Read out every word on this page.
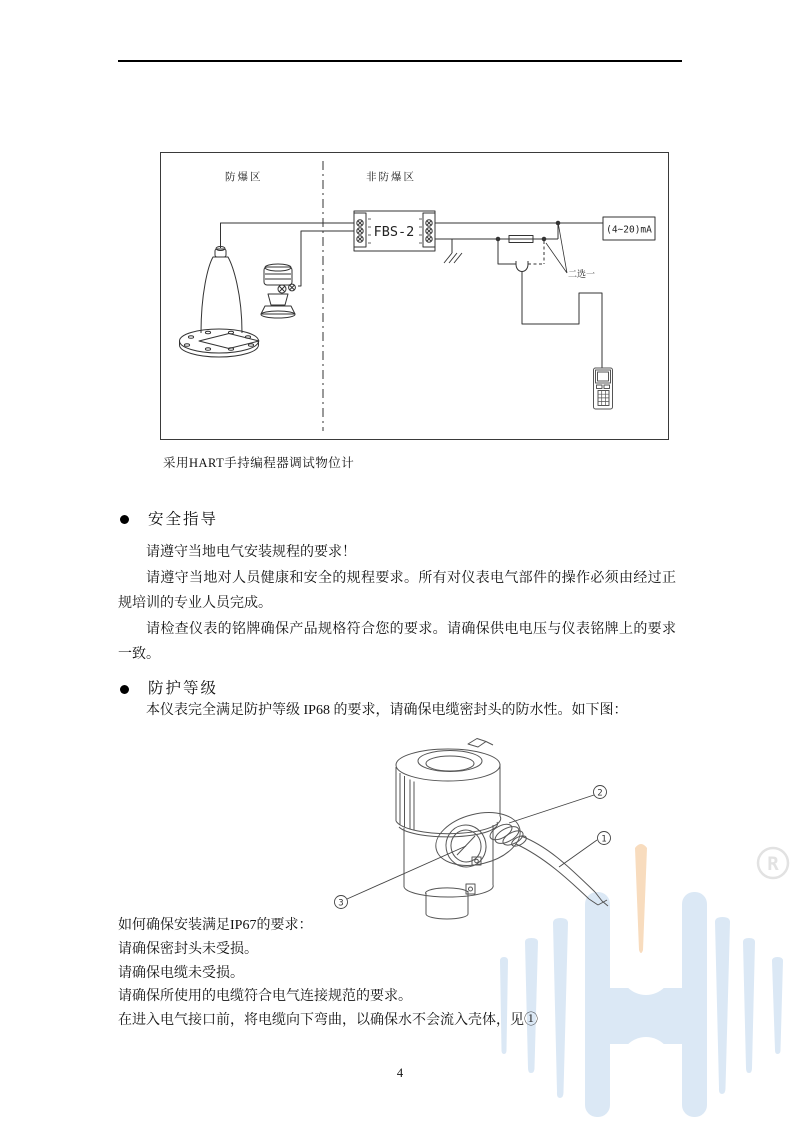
R
防爆区	非防爆区
FBS-2	(4~20)mA
二选一
采用HART手持编程器调试物位计
安全指导

请遵守当地电气安装规程的要求！

请遵守当地对人员健康和安全的规程要求。所有对仪表电气部件的操作必须由经过正规培训的专业人员完成。

请检查仪表的铭牌确保产品规格符合您的要求。请确保供电电压与仪表铭牌上的要求一致。

防护等级
本仪表完全满足防护等级 IP68 的要求，请确保电缆密封头的防水性。如下图：
2
1
3
如何确保安装满足IP67的要求：
请确保密封头未受损。
请确保电缆未受损。
请确保所使用的电缆符合电气连接规范的要求。
在进入电气接口前，将电缆向下弯曲，以确保水不会流入壳体，见①
4
